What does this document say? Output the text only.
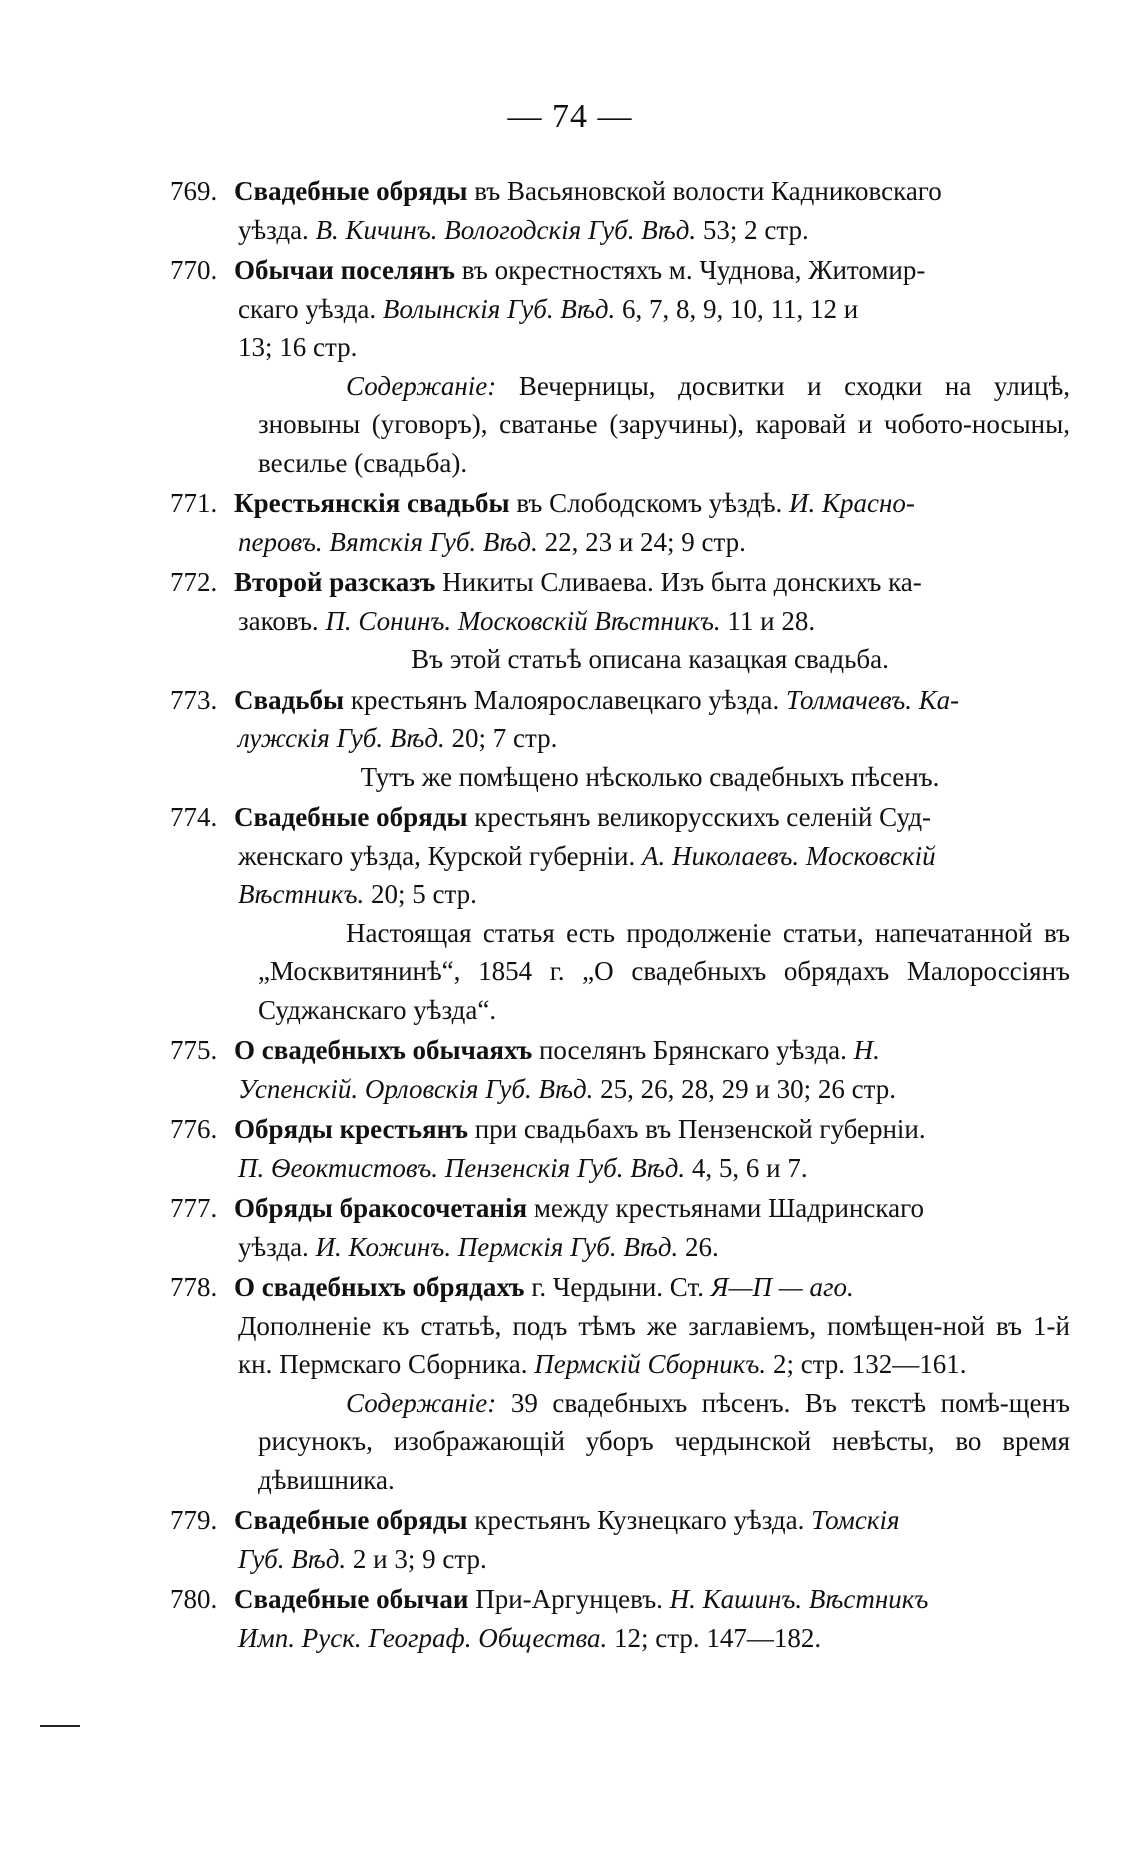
— 74 —

769. Свадебные обряды въ Васьяновской волости Кадниковскаго
уѣзда. В. Кичинъ. Вологодскія Губ. Вѣд. 53; 2 стр.

770. Обычаи поселянъ въ окрестностяхъ м. Чуднова, Житомир-
скаго уѣзда. Волынскія Губ. Вѣд. 6, 7, 8, 9, 10, 11, 12 и
13; 16 стр.
Содержаніе: Вечерницы, досвитки и сходки на улицѣ, зновыны (уговоръ), сватанье (заручины), каровай и чобото-носыны, весилье (свадьба).

771. Крестьянскія свадьбы въ Слободскомъ уѣздѣ. И. Красно-
перовъ. Вятскія Губ. Вѣд. 22, 23 и 24; 9 стр.

772. Второй разсказъ Никиты Сливаева. Изъ быта донскихъ ка-
заковъ. П. Сонинъ. Московскій Вѣстникъ. 11 и 28.
Въ этой статьѣ описана казацкая свадьба.

773. Свадьбы крестьянъ Малоярославецкаго уѣзда. Толмачевъ. Ка-
лужскія Губ. Вѣд. 20; 7 стр.
Тутъ же помѣщено нѣсколько свадебныхъ пѣсенъ.

774. Свадебные обряды крестьянъ великорусскихъ селеній Суд-
женскаго уѣзда, Курской губерніи. А. Николаевъ. Московскій
Вѣстникъ. 20; 5 стр.
Настоящая статья есть продолженіе статьи, напечатанной въ „Москвитянинѣ“, 1854 г. „О свадебныхъ обрядахъ Малороссіянъ Суджанскаго уѣзда“.

775. О свадебныхъ обычаяхъ поселянъ Брянскаго уѣзда. Н.
Успенскій. Орловскія Губ. Вѣд. 25, 26, 28, 29 и 30; 26 стр.

776. Обряды крестьянъ при свадьбахъ въ Пензенской губерніи.
П. Ѳеоктистовъ. Пензенскія Губ. Вѣд. 4, 5, 6 и 7.

777. Обряды бракосочетанія между крестьянами Шадринскаго
уѣзда. И. Кожинъ. Пермскія Губ. Вѣд. 26.

778. О свадебныхъ обрядахъ г. Чердыни. Ст. Я—П — аго.
Дополненіе къ статьѣ, подъ тѣмъ же заглавіемъ, помѣщен-ной въ 1-й кн. Пермскаго Сборника. Пермскій Сборникъ. 2; стр. 132—161.
Содержаніе: 39 свадебныхъ пѣсенъ. Въ текстѣ помѣ-щенъ рисунокъ, изображающій уборъ чердынской невѣсты, во время дѣвишника.

779. Свадебные обряды крестьянъ Кузнецкаго уѣзда. Томскія
Губ. Вѣд. 2 и 3; 9 стр.

780. Свадебные обычаи При-Аргунцевъ. Н. Кашинъ. Вѣстникъ
Имп. Руск. Географ. Общества. 12; стр. 147—182.
